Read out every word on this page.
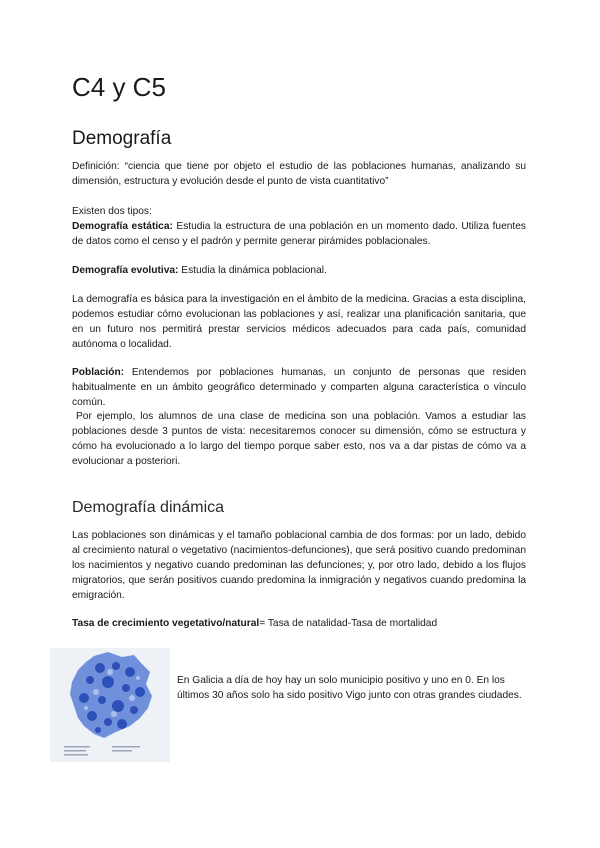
C4 y C5
Demografía

Definición: “ciencia que tiene por objeto el estudio de las poblaciones humanas, analizando su dimensión, estructura y evolución desde el punto de vista cuantitativo”

Existen dos tipos:

Demografía estática: Estudia la estructura de una población en un momento dado. Utiliza fuentes de datos como el censo y el padrón y permite generar pirámides poblacionales.

Demografía evolutiva: Estudia la dinámica poblacional.

La demografía es básica para la investigación en el ámbito de la medicina. Gracias a esta disciplina, podemos estudiar cómo evolucionan las poblaciones y así, realizar una planificación sanitaria, que en un futuro nos permitirá prestar servicios médicos adecuados para cada país, comunidad autónoma o localidad.

Población: Entendemos por poblaciones humanas, un conjunto de personas que residen habitualmente en un ámbito geográfico determinado y comparten alguna característica o vínculo común.

Por ejemplo, los alumnos de una clase de medicina son una población. Vamos a estudiar las poblaciones desde 3 puntos de vista: necesitaremos conocer su dimensión, cómo se estructura y cómo ha evolucionado a lo largo del tiempo porque saber esto, nos va a dar pistas de cómo va a evolucionar a posteriori.

Demografía dinámica

Las poblaciones son dinámicas y el tamaño poblacional cambia de dos formas: por un lado, debido al crecimiento natural o vegetativo (nacimientos-defunciones), que será positivo cuando predominan los nacimientos y negativo cuando predominan las defunciones; y, por otro lado, debido a los flujos migratorios, que serán positivos cuando predomina la inmigración y negativos cuando predomina la emigración.

Tasa de crecimiento vegetativo/natural= Tasa de natalidad-Tasa de mortalidad

En Galicia a día de hoy hay un solo municipio positivo y uno en 0. En los últimos 30 años solo ha sido positivo Vigo junto con otras grandes ciudades.
